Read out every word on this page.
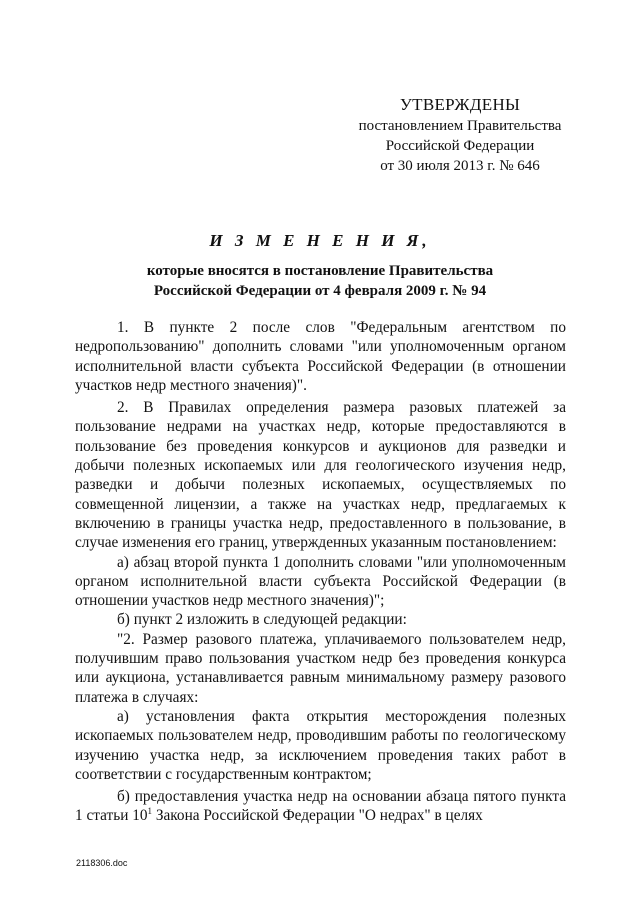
УТВЕРЖДЕНЫ
постановлением Правительства
Российской Федерации
от 30 июля 2013 г. № 646
И З М Е Н Е Н И Я,
которые вносятся в постановление Правительства
Российской Федерации от 4 февраля 2009 г. № 94

1. В пункте 2 после слов "Федеральным агентством по недропользованию" дополнить словами "или уполномоченным органом исполнительной власти субъекта Российской Федерации (в отношении участков недр местного значения)".

2. В Правилах определения размера разовых платежей за пользование недрами на участках недр, которые предоставляются в пользование без проведения конкурсов и аукционов для разведки и добычи полезных ископаемых или для геологического изучения недр, разведки и добычи полезных ископаемых, осуществляемых по совмещенной лицензии, а также на участках недр, предлагаемых к включению в границы участка недр, предоставленного в пользование, в случае изменения его границ, утвержденных указанным постановлением:

а) абзац второй пункта 1 дополнить словами "или уполномоченным органом исполнительной власти субъекта Российской Федерации (в отношении участков недр местного значения)";

б) пункт 2 изложить в следующей редакции:

"2. Размер разового платежа, уплачиваемого пользователем недр, получившим право пользования участком недр без проведения конкурса или аукциона, устанавливается равным минимальному размеру разового платежа в случаях:

а) установления факта открытия месторождения полезных ископаемых пользователем недр, проводившим работы по геологическому изучению участка недр, за исключением проведения таких работ в соответствии с государственным контрактом;

б) предоставления участка недр на основании абзаца пятого пункта 1 статьи $10^1$ Закона Российской Федерации "О недрах" в целях

2118306.doc
